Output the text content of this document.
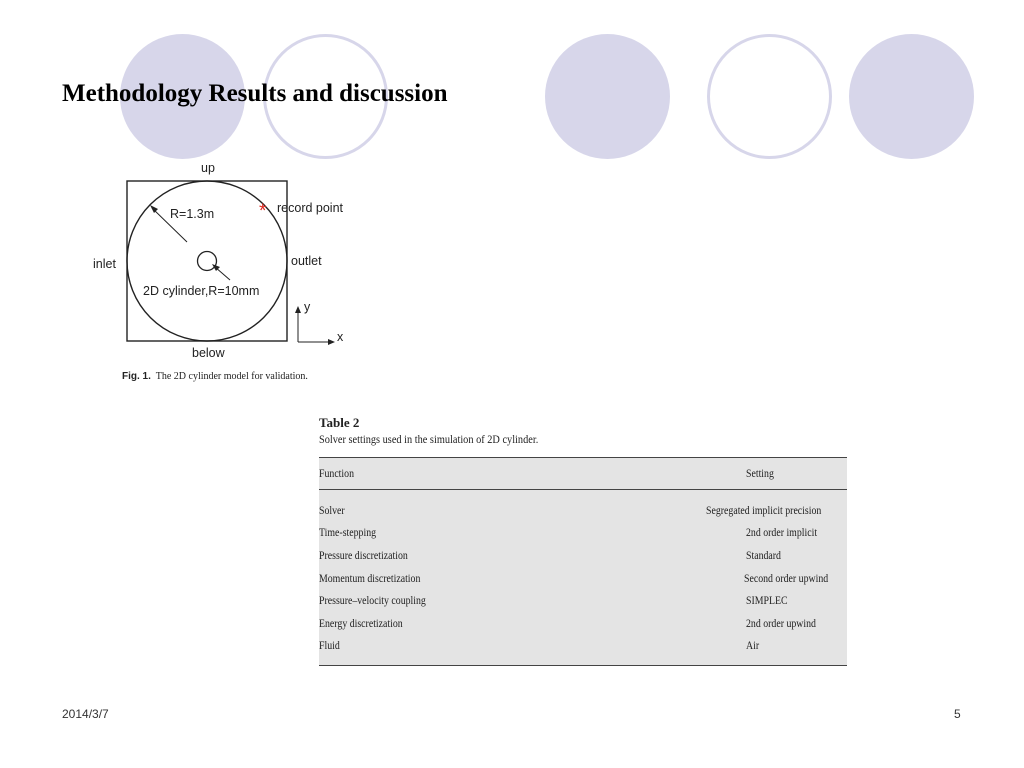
Methodology Results and discussion
up
below
inlet	outlet
R=1.3m * record point
2D cylinder,R=10mm
y
x
Fig. 1. The 2D cylinder model for validation.
Table 2
Solver settings used in the simulation of 2D cylinder.
Function	Setting
Solver	Segregated implicit precision
Time-stepping	2nd order implicit
Pressure discretization	Standard
Momentum discretization	Second order upwind
Pressure–velocity coupling	SIMPLEC
Energy discretization	2nd order upwind
Fluid	Air
2014/3/7	5
